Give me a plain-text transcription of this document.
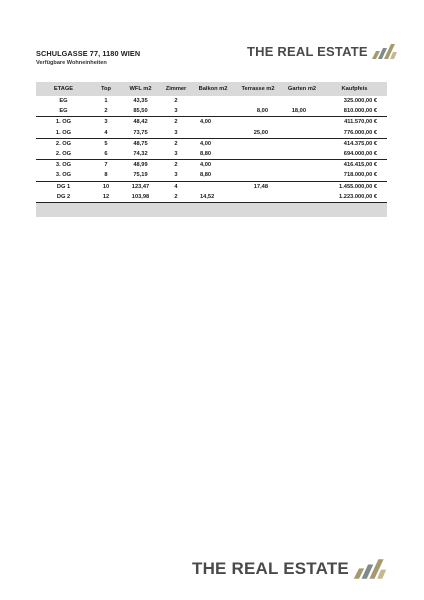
SCHULGASSE 77, 1180 WIEN
Verfügbare Wohneinheiten
THE REAL ESTATE
ETAGE	Top	WFL m2	Zimmer	Balkon m2	Terrasse m2	Garten m2	Kaufpfeis
EG	1	43,35	2				325.000,00 €
EG	2	85,50	3		8,00	18,00	810.000,00 €
1. OG	3	48,42	2	4,00			411.570,00 €
1. OG	4	73,75	3		25,00		776.000,00 €
2. OG	5	48,75	2	4,00			414.375,00 €
2. OG	6	74,32	3	8,80			694.000,00 €
3. OG	7	48,99	2	4,00			416.415,00 €
3. OG	8	75,19	3	8,80			718.000,00 €
DG 1	10	123,47	4		17,48		1.455.000,00 €
DG 2	12	103,98	2	14,52			1.223.000,00 €

THE REAL ESTATE
